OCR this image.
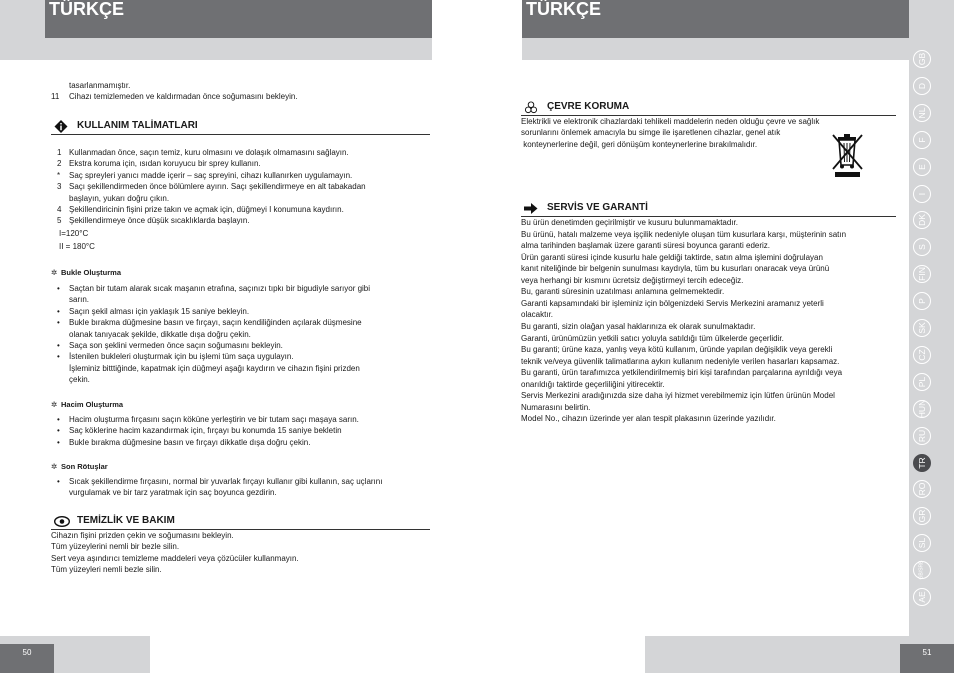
TÜRKÇE
tasarlanmamıştır.
11 Cihazı temizlemeden ve kaldırmadan önce soğumasını bekleyin.
KULLANIM TALİMATLARI
1 Kullanmadan önce, saçın temiz, kuru olmasını ve dolaşık olmamasını sağlayın.
2 Ekstra koruma için, ısıdan koruyucu bir sprey kullanın.
* Saç spreyleri yanıcı madde içerir – saç spreyini, cihazı kullanırken uygulamayın.
3 Saçı şekillendirmeden önce bölümlere ayırın. Saçı şekillendirmeye en alt tabakadan
başlayın, yukarı doğru çıkın.
4 Şekillendiricinin fişini prize takın ve açmak için, düğmeyi I konumuna kaydırın.
5 Şekillendirmeye önce düşük sıcaklıklarda başlayın.
I=120°C
II = 180°C
✲ Bukle Oluşturma
• Saçtan bir tutam alarak sıcak maşanın etrafına, saçınızı tıpkı bir bigudiyle sarıyor gibi
sarın.
• Saçın şekil alması için yaklaşık 15 saniye bekleyin.
• Bukle bırakma düğmesine basın ve fırçayı, saçın kendiliğinden açılarak düşmesine
olanak tanıyacak şekilde, dikkatle dışa doğru çekin.
• Saça son şeklini vermeden önce saçın soğumasını bekleyin.
• İstenilen bukleleri oluşturmak için bu işlemi tüm saça uygulayın.
İşleminiz bitttiğinde, kapatmak için düğmeyi aşağı kaydırın ve cihazın fişini prizden
çekin.
✲ Hacim Oluşturma
• Hacim oluşturma fırçasını saçın köküne yerleştirin ve bir tutam saçı maşaya sarın.
• Saç köklerine hacim kazandırmak için, fırçayı bu konumda 15 saniye bekletin
• Bukle bırakma düğmesine basın ve fırçayı dikkatle dışa doğru çekin.
✲ Son Rötuşlar
• Sıcak şekillendirme fırçasını, normal bir yuvarlak fırçayı kullanır gibi kullanın, saç uçlarını
vurgulamak ve bir tarz yaratmak için saç boyunca gezdirin.
TEMİZLİK VE BAKIM
Cihazın fişini prizden çekin ve soğumasını bekleyin.
Tüm yüzeylerini nemli bir bezle silin.
Sert veya aşındırıcı temizleme maddeleri veya çözücüler kullanmayın.
Tüm yüzeyleri nemli bezle silin.
50
TÜRKÇE
ÇEVRE KORUMA
Elektrikli ve elektronik cihazlardaki tehlikeli maddelerin neden olduğu çevre ve sağlık
sorunlarını önlemek amacıyla bu simge ile işaretlenen cihazlar, genel atık
konteynerlerine değil, geri dönüşüm konteynerlerine bırakılmalıdır.
SERVİS VE GARANTİ
Bu ürün denetimden geçirilmiştir ve kusuru bulunmamaktadır.
Bu ürünü, hatalı malzeme veya işçilik nedeniyle oluşan tüm kusurlara karşı, müşterinin satın
alma tarihinden başlamak üzere garanti süresi boyunca garanti ederiz.
Ürün garanti süresi içinde kusurlu hale geldiği taktirde, satın alma işlemini doğrulayan
kanıt niteliğinde bir belgenin sunulması kaydıyla, tüm bu kusurları onaracak veya ürünü
veya herhangi bir kısmını ücretsiz değiştirmeyi tercih edeceğiz.
Bu, garanti süresinin uzatılması anlamına gelmemektedir.
Garanti kapsamındaki bir işleminiz için bölgenizdeki Servis Merkezini aramanız yeterli
olacaktır.
Bu garanti, sizin olağan yasal haklarınıza ek olarak sunulmaktadır.
Garanti, ürünümüzün yetkili satıcı yoluyla satıldığı tüm ülkelerde geçerlidir.
Bu garanti; ürüne kaza, yanlış veya kötü kullanım, üründe yapılan değişiklik veya gerekli
teknik ve/veya güvenlik talimatlarına aykırı kullanım nedeniyle verilen hasarları kapsamaz.
Bu garanti, ürün tarafımızca yetkilendirilmemiş biri kişi tarafından parçalarına ayrıldığı veya
onarıldığı taktirde geçerliliğini yitirecektir.
Servis Merkezini aradığınızda size daha iyi hizmet verebilmemiz için lütfen ürünün Model
Numarasını belirtin.
Model No., cihazın üzerinde yer alan tespit plakasının üzerinde yazılıdır.
GB
D
NL
F
E
I
DK
S
FIN
P
SK
CZ
PL
HUN
RU
TR
RO
GR
SL
GB/SRB
AE
51
